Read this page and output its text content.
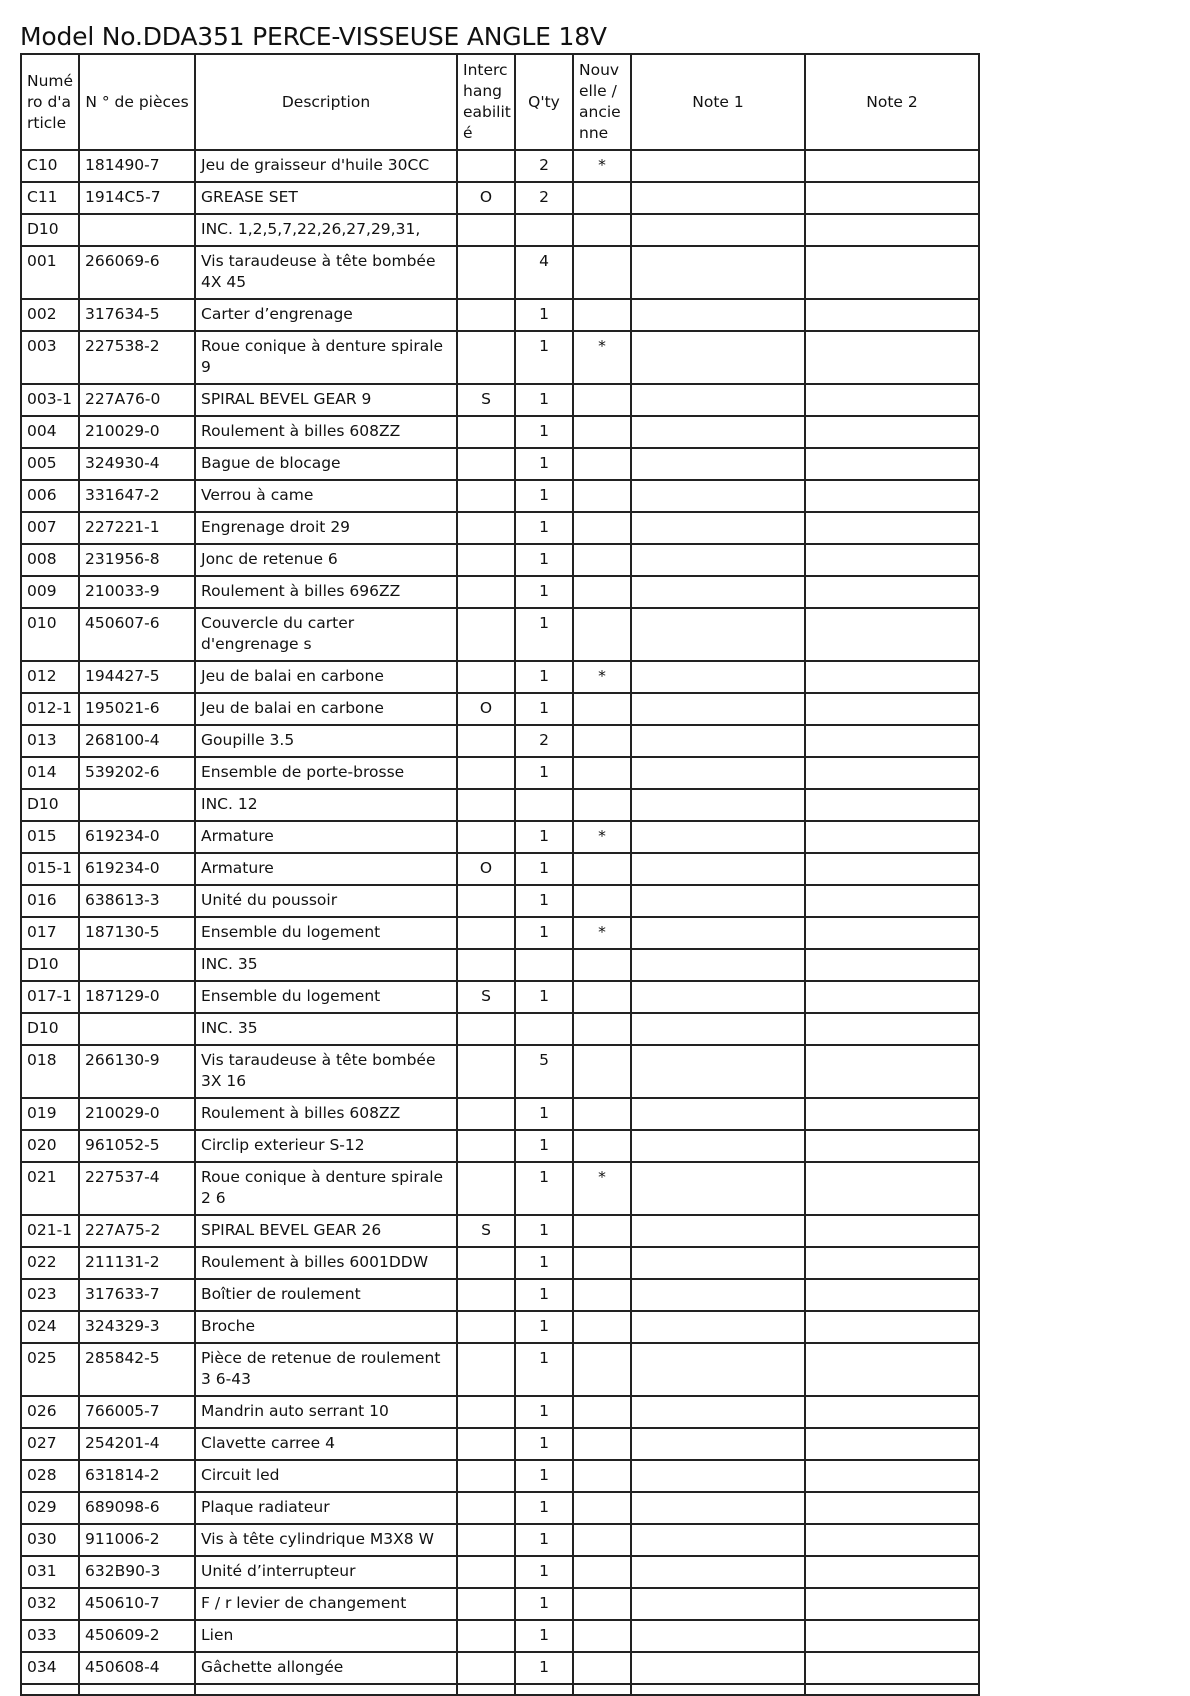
Model No.DDA351 PERCE-VISSEUSE ANGLE 18V
Numé ro d'a rticle	N ° de pièces	Description	Interc hang eabilit é	Q'ty	Nouv elle / ancie nne	Note 1	Note 2
C10	181490-7	Jeu de graisseur d'huile 30CC		2	*		
C11	1914C5-7	GREASE SET	O	2			
D10		INC. 1,2,5,7,22,26,27,29,31,					
001	266069-6	Vis taraudeuse à tête bombée 4X 45		4			
002	317634-5	Carter d’engrenage		1			
003	227538-2	Roue conique à denture spirale 9		1	*		
003-1	227A76-0	SPIRAL BEVEL GEAR 9	S	1			
004	210029-0	Roulement à billes 608ZZ		1			
005	324930-4	Bague de blocage		1			
006	331647-2	Verrou à came		1			
007	227221-1	Engrenage droit 29		1			
008	231956-8	Jonc de retenue 6		1			
009	210033-9	Roulement à billes 696ZZ		1			
010	450607-6	Couvercle du carter d'engrenage s		1			
012	194427-5	Jeu de balai en carbone		1	*		
012-1	195021-6	Jeu de balai en carbone	O	1			
013	268100-4	Goupille 3.5		2			
014	539202-6	Ensemble de porte-brosse		1			
D10		INC. 12					
015	619234-0	Armature		1	*		
015-1	619234-0	Armature	O	1			
016	638613-3	Unité du poussoir		1			
017	187130-5	Ensemble du logement		1	*		
D10		INC. 35					
017-1	187129-0	Ensemble du logement	S	1			
D10		INC. 35					
018	266130-9	Vis taraudeuse à tête bombée 3X 16		5			
019	210029-0	Roulement à billes 608ZZ		1			
020	961052-5	Circlip exterieur S-12		1			
021	227537-4	Roue conique à denture spirale 2 6		1	*		
021-1	227A75-2	SPIRAL BEVEL GEAR 26	S	1			
022	211131-2	Roulement à billes 6001DDW		1			
023	317633-7	Boîtier de roulement		1			
024	324329-3	Broche		1			
025	285842-5	Pièce de retenue de roulement 3 6-43		1			
026	766005-7	Mandrin auto serrant 10		1			
027	254201-4	Clavette carree 4		1			
028	631814-2	Circuit led		1			
029	689098-6	Plaque radiateur		1			
030	911006-2	Vis à tête cylindrique M3X8 W		1			
031	632B90-3	Unité d’interrupteur		1			
032	450610-7	F / r levier de changement		1			
033	450609-2	Lien		1			
034	450608-4	Gâchette allongée		1			
